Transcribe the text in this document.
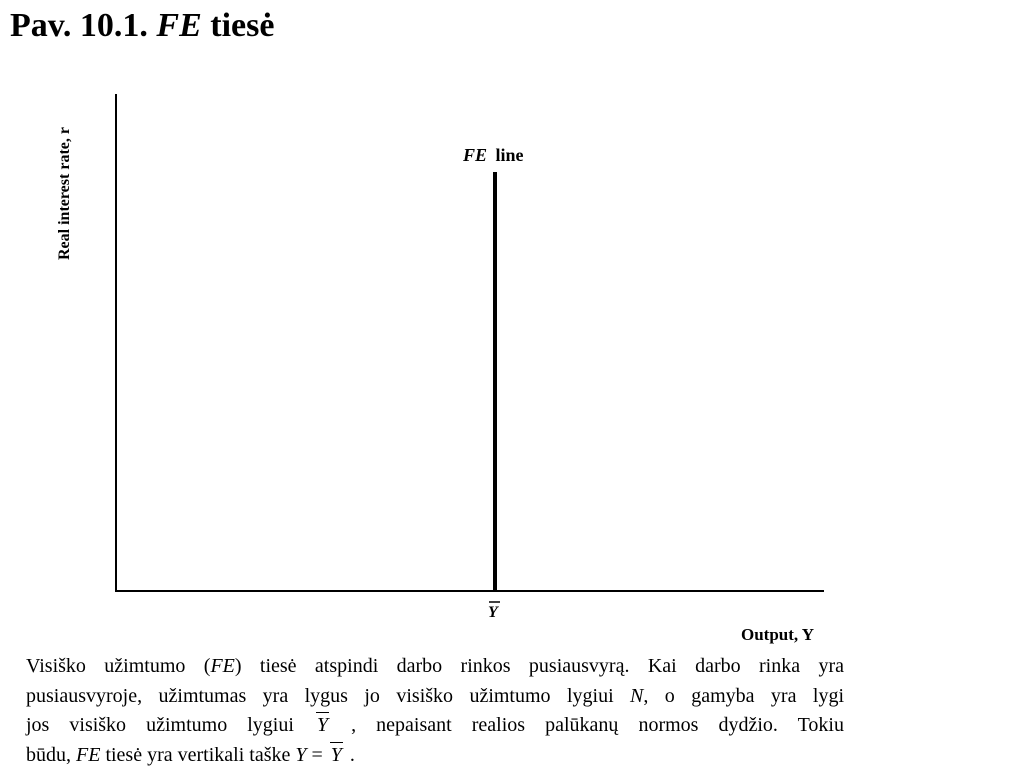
Pav. 10.1. FE tiesė
Real interest rate, r	FE line
Y
Output, Y
Visiško užimtumo (FE) tiesė atspindi darbo rinkos pusiausvyrą. Kai darbo rinka yra
pusiausvyroje, užimtumas yra lygus jo visiško užimtumo lygiui N, o gamyba yra lygi
jos visiško užimtumo lygiui Y , nepaisant realios palūkanų normos dydžio. Tokiu
būdu, FE tiesė yra vertikali taške Y = Y .
